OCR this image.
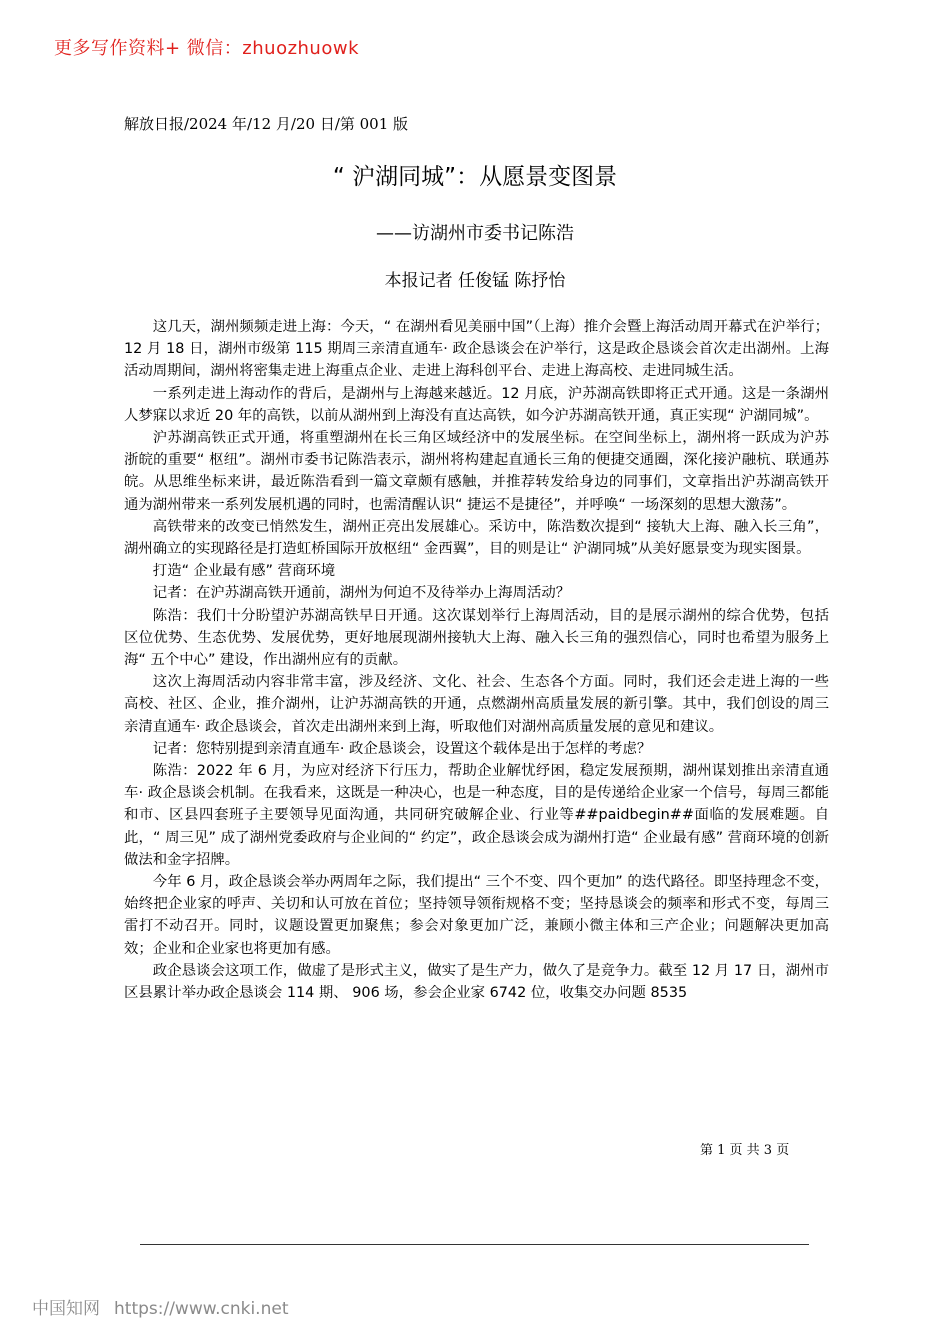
更多写作资料+ 微信：zhuozhuowk
解放日报/2024 年/12 月/20 日/第 001 版
“ 沪湖同城”：从愿景变图景
——访湖州市委书记陈浩
本报记者 任俊锰 陈抒怡

这几天，湖州频频走进上海：今天，“ 在湖州看见美丽中国”（上海）推介会暨上海活动周开幕式在沪举行；12 月 18 日，湖州市级第 115 期周三亲清直通车· 政企恳谈会在沪举行，这是政企恳谈会首次走出湖州。上海活动周期间，湖州将密集走进上海重点企业、走进上海科创平台、走进上海高校、走进同城生活。

一系列走进上海动作的背后，是湖州与上海越来越近。12 月底，沪苏湖高铁即将正式开通。这是一条湖州人梦寐以求近 20 年的高铁，以前从湖州到上海没有直达高铁，如今沪苏湖高铁开通，真正实现“ 沪湖同城”。

沪苏湖高铁正式开通，将重塑湖州在长三角区域经济中的发展坐标。在空间坐标上，湖州将一跃成为沪苏浙皖的重要“ 枢纽”。湖州市委书记陈浩表示，湖州将构建起直通长三角的便捷交通圈，深化接沪融杭、联通苏皖。从思维坐标来讲，最近陈浩看到一篇文章颇有感触，并推荐转发给身边的同事们，文章指出沪苏湖高铁开通为湖州带来一系列发展机遇的同时，也需清醒认识“ 捷运不是捷径”，并呼唤“ 一场深刻的思想大激荡”。

高铁带来的改变已悄然发生，湖州正亮出发展雄心。采访中，陈浩数次提到“ 接轨大上海、融入长三角”，湖州确立的实现路径是打造虹桥国际开放枢纽“ 金西翼”，目的则是让“ 沪湖同城”从美好愿景变为现实图景。

打造“ 企业最有感” 营商环境

记者：在沪苏湖高铁开通前，湖州为何迫不及待举办上海周活动？

陈浩：我们十分盼望沪苏湖高铁早日开通。这次谋划举行上海周活动，目的是展示湖州的综合优势，包括区位优势、生态优势、发展优势，更好地展现湖州接轨大上海、融入长三角的强烈信心，同时也希望为服务上海“ 五个中心” 建设，作出湖州应有的贡献。

这次上海周活动内容非常丰富，涉及经济、文化、社会、生态各个方面。同时，我们还会走进上海的一些高校、社区、企业，推介湖州，让沪苏湖高铁的开通，点燃湖州高质量发展的新引擎。其中，我们创设的周三亲清直通车· 政企恳谈会，首次走出湖州来到上海，听取他们对湖州高质量发展的意见和建议。

记者：您特别提到亲清直通车· 政企恳谈会，设置这个载体是出于怎样的考虑？

陈浩：2022 年 6 月，为应对经济下行压力，帮助企业解忧纾困，稳定发展预期，湖州谋划推出亲清直通车· 政企恳谈会机制。在我看来，这既是一种决心，也是一种态度，目的是传递给企业家一个信号，每周三都能和市、区县四套班子主要领导见面沟通，共同研究破解企业、行业等##paidbegin##面临的发展难题。自此，“ 周三见” 成了湖州党委政府与企业间的“ 约定”，政企恳谈会成为湖州打造“ 企业最有感” 营商环境的创新做法和金字招牌。

今年 6 月，政企恳谈会举办两周年之际，我们提出“ 三个不变、四个更加” 的迭代路径。即坚持理念不变，始终把企业家的呼声、关切和认可放在首位；坚持领导领衔规格不变；坚持恳谈会的频率和形式不变，每周三雷打不动召开。同时，议题设置更加聚焦；参会对象更加广泛，兼顾小微主体和三产企业；问题解决更加高效；企业和企业家也将更加有感。

政企恳谈会这项工作，做虚了是形式主义，做实了是生产力，做久了是竞争力。截至 12 月 17 日，湖州市区县累计举办政企恳谈会 114 期、 906 场，参会企业家 6742 位，收集交办问题 8535

第 1 页 共 3 页
中国知网 https://www.cnki.net
